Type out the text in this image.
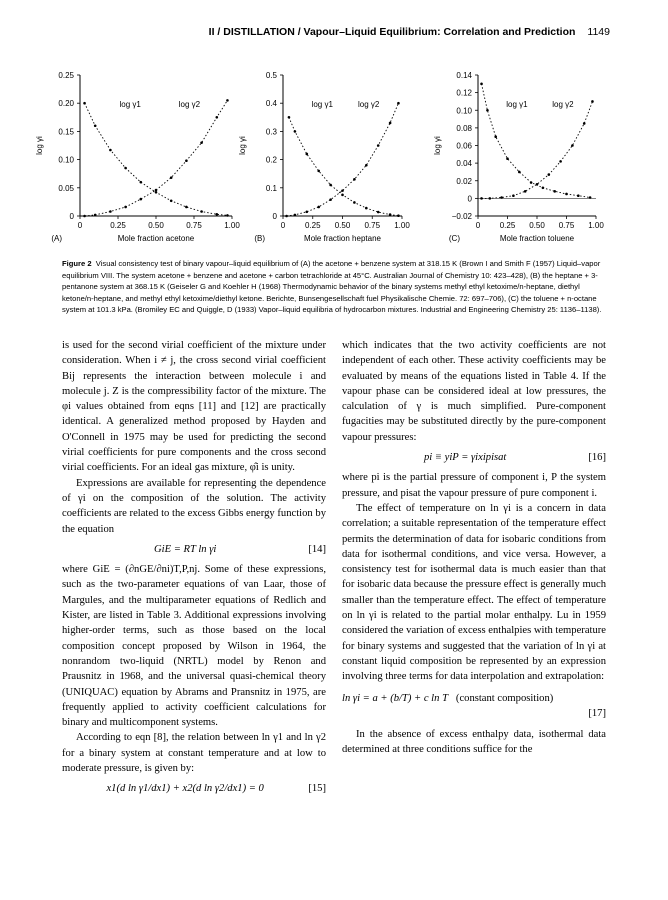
II / DISTILLATION / Vapour–Liquid Equilibrium: Correlation and Prediction 1149
0	0.25	0.50	0.75	1.00
0
0.05
0.10
0.15
0.20
0.25
log γi
Mole fraction acetone
(A)
log γ1	log γ2
0 0.25 0.50 0.75 1.00
0
0.1
0.2
0.3
0.4
0.5
log γi
Mole fraction heptane
(B)
log γ1	log γ2
0 0.25 0.50 0.75 1.00
−0.02
0
0.02
0.04
0.06
0.08
0.10
0.12
0.14
log γi
Mole fraction toluene
(C)
log γ1	log γ2
Figure 2 Visual consistency test of binary vapour–liquid equilibrium of (A) the acetone + benzene system at 318.15 K (Brown I and Smith F (1957) Liquid–vapor equilibrium VIII. The system acetone + benzene and acetone + carbon tetrachloride at 45°C. Australian Journal of Chemistry 10: 423–428), (B) the heptane + 3-pentanone system at 368.15 K (Geiseler G and Koehler H (1968) Thermodynamic behavior of the binary systems methyl ethyl ketoxime/n-heptane, diethyl ketone/n-heptane, and methyl ethyl ketoxime/diethyl ketone. Berichte, Bunsengesellschaft fuel Physikalische Chemie. 72: 697–706), (C) the toluene + n-octane system at 101.3 kPa. (Bromiley EC and Quiggle, D (1933) Vapor–liquid equilibria of hydrocarbon mixtures. Industrial and Engineering Chemistry 25: 1136–1138).

is used for the second virial coefficient of the mixture under consideration. When i ≠ j, the cross second virial coefficient Bij represents the interaction between molecule i and molecule j. Z is the compressibility factor of the mixture. The φi values obtained from eqns [11] and [12] are practically identical. A generalized method proposed by Hayden and O'Connell in 1975 may be used for predicting the second virial coefficients for pure components and the cross second virial coefficients. For an ideal gas mixture, φ̂i is unity.

Expressions are available for representing the dependence of γi on the composition of the solution. The activity coefficients are related to the excess Gibbs energy function by the equation

GiE = RT ln γi	[14]

where GiE = (∂nGE/∂ni)T,P,nj. Some of these expressions, such as the two-parameter equations of van Laar, those of Margules, and the multiparameter equations of Redlich and Kister, are listed in Table 3. Additional expressions involving higher-order terms, such as those based on the local composition concept proposed by Wilson in 1964, the nonrandom two-liquid (NRTL) model by Renon and Prausnitz in 1968, and the universal quasi-chemical theory (UNIQUAC) equation by Abrams and Pransnitz in 1975, are frequently applied to activity coefficient calculations for binary and multicomponent systems.

According to eqn [8], the relation between ln γ1 and ln γ2 for a binary system at constant temperature and at low to moderate pressure, is given by:

x1(d ln γ1/dx1) + x2(d ln γ2/dx1) = 0	[15]

which indicates that the two activity coefficients are not independent of each other. These activity coefficients may be evaluated by means of the equations listed in Table 4. If the vapour phase can be considered ideal at low pressures, the calculation of γ is much simplified. Pure-component fugacities may be substituted directly by the pure-component vapour pressures:

pi ≡ yiP = γixipisat	[16]

where pi is the partial pressure of component i, P the system pressure, and pisat the vapour pressure of pure component i.

The effect of temperature on ln γi is a concern in data correlation; a suitable representation of the temperature effect permits the determination of data for isobaric conditions from data for isothermal conditions, and vice versa. However, a consistency test for isothermal data is much easier than that for isobaric data because the pressure effect is generally much smaller than the temperature effect. The effect of temperature on ln γi is related to the partial molar enthalpy. Lu in 1959 considered the variation of excess enthalpies with temperature for binary systems and suggested that the variation of ln γi at constant liquid composition be represented by an expression involving three terms for data interpolation and extrapolation:

ln γi = a + (b/T) + c ln T (constant composition)
[17]

In the absence of excess enthalpy data, isothermal data determined at three conditions suffice for the
